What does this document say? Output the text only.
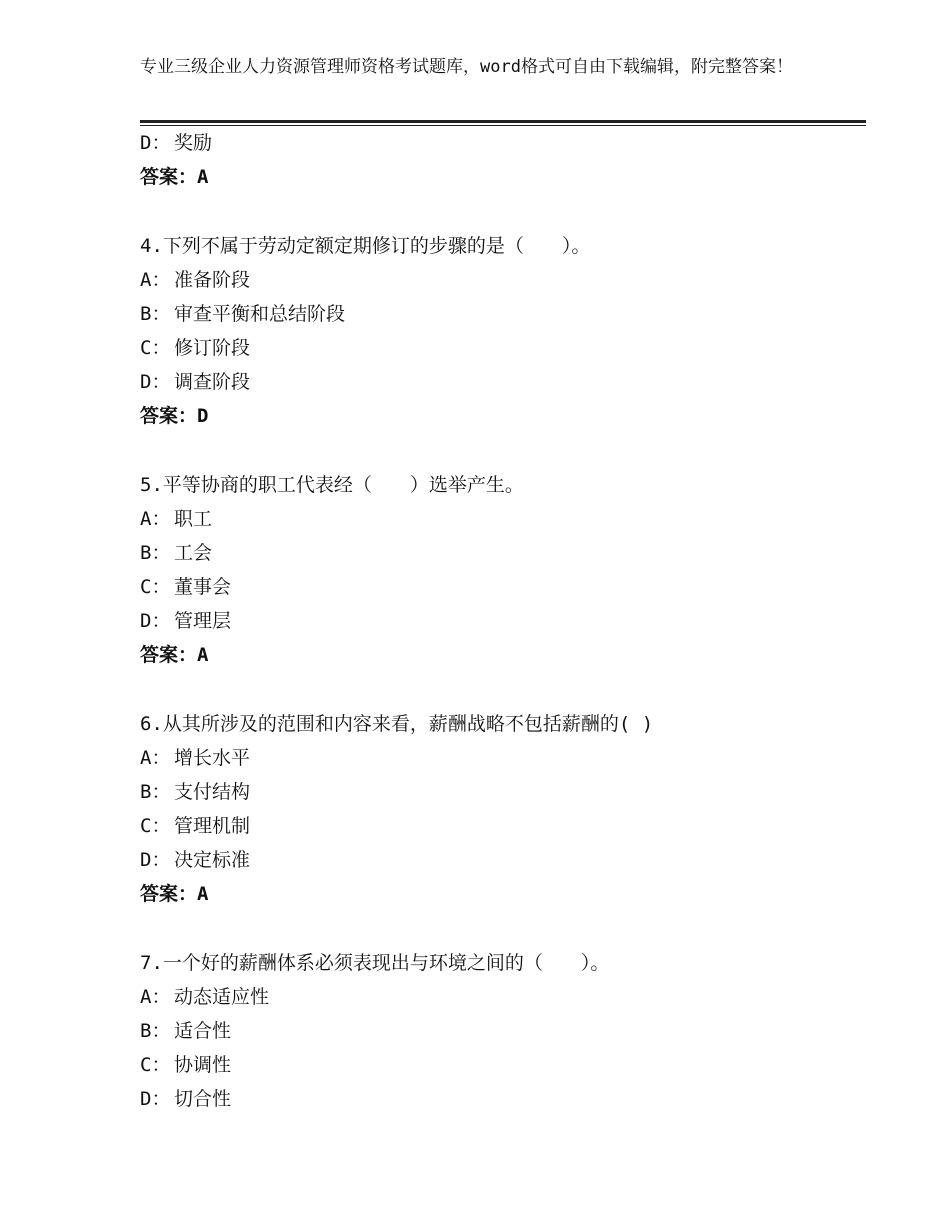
专业三级企业人力资源管理师资格考试题库，word格式可自由下载编辑，附完整答案！
D： 奖励
答案：A
4.下列不属于劳动定额定期修订的步骤的是（　　）。
A： 准备阶段
B： 审查平衡和总结阶段
C： 修订阶段
D： 调查阶段
答案：D
5.平等协商的职工代表经（　　）选举产生。
A： 职工
B： 工会
C： 董事会
D： 管理层
答案：A
6.从其所涉及的范围和内容来看，薪酬战略不包括薪酬的( )
A： 增长水平
B： 支付结构
C： 管理机制
D： 决定标准
答案：A
7.一个好的薪酬体系必须表现出与环境之间的（　　）。
A： 动态适应性
B： 适合性
C： 协调性
D： 切合性
